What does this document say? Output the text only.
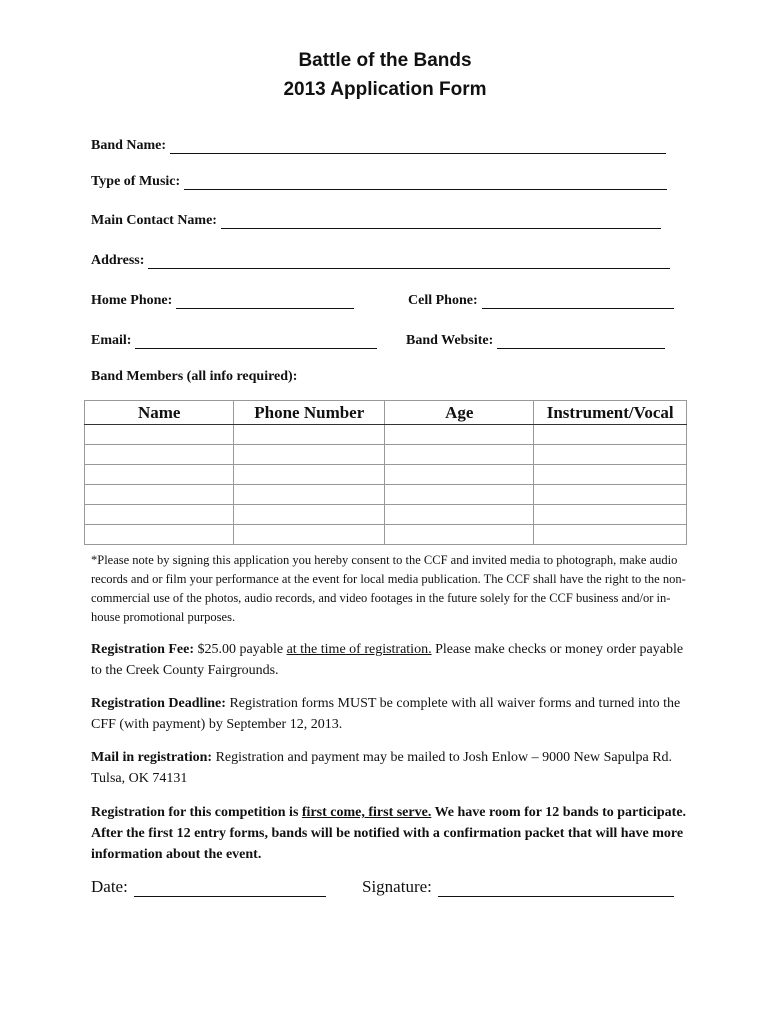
Battle of the Bands
2013 Application Form
Band Name:
Type of Music:
Main Contact Name:
Address:
Home Phone:	Cell Phone:
Email:	Band Website:
Band Members (all info required):
Name	Phone Number	Age	Instrument/Vocal

*Please note by signing this application you hereby consent to the CCF and invited media to photograph, make audio records and or film your performance at the event for local media publication. The CCF shall have the right to the non-commercial use of the photos, audio records, and video footages in the future solely for the CCF business and/or in-house promotional purposes.
Registration Fee: $25.00 payable at the time of registration. Please make checks or money order payable to the Creek County Fairgrounds.
Registration Deadline: Registration forms MUST be complete with all waiver forms and turned into the CFF (with payment) by September 12, 2013.
Mail in registration: Registration and payment may be mailed to Josh Enlow – 9000 New Sapulpa Rd. Tulsa, OK 74131
Registration for this competition is first come, first serve. We have room for 12 bands to participate. After the first 12 entry forms, bands will be notified with a confirmation packet that will have more information about the event.
Date:	Signature:
